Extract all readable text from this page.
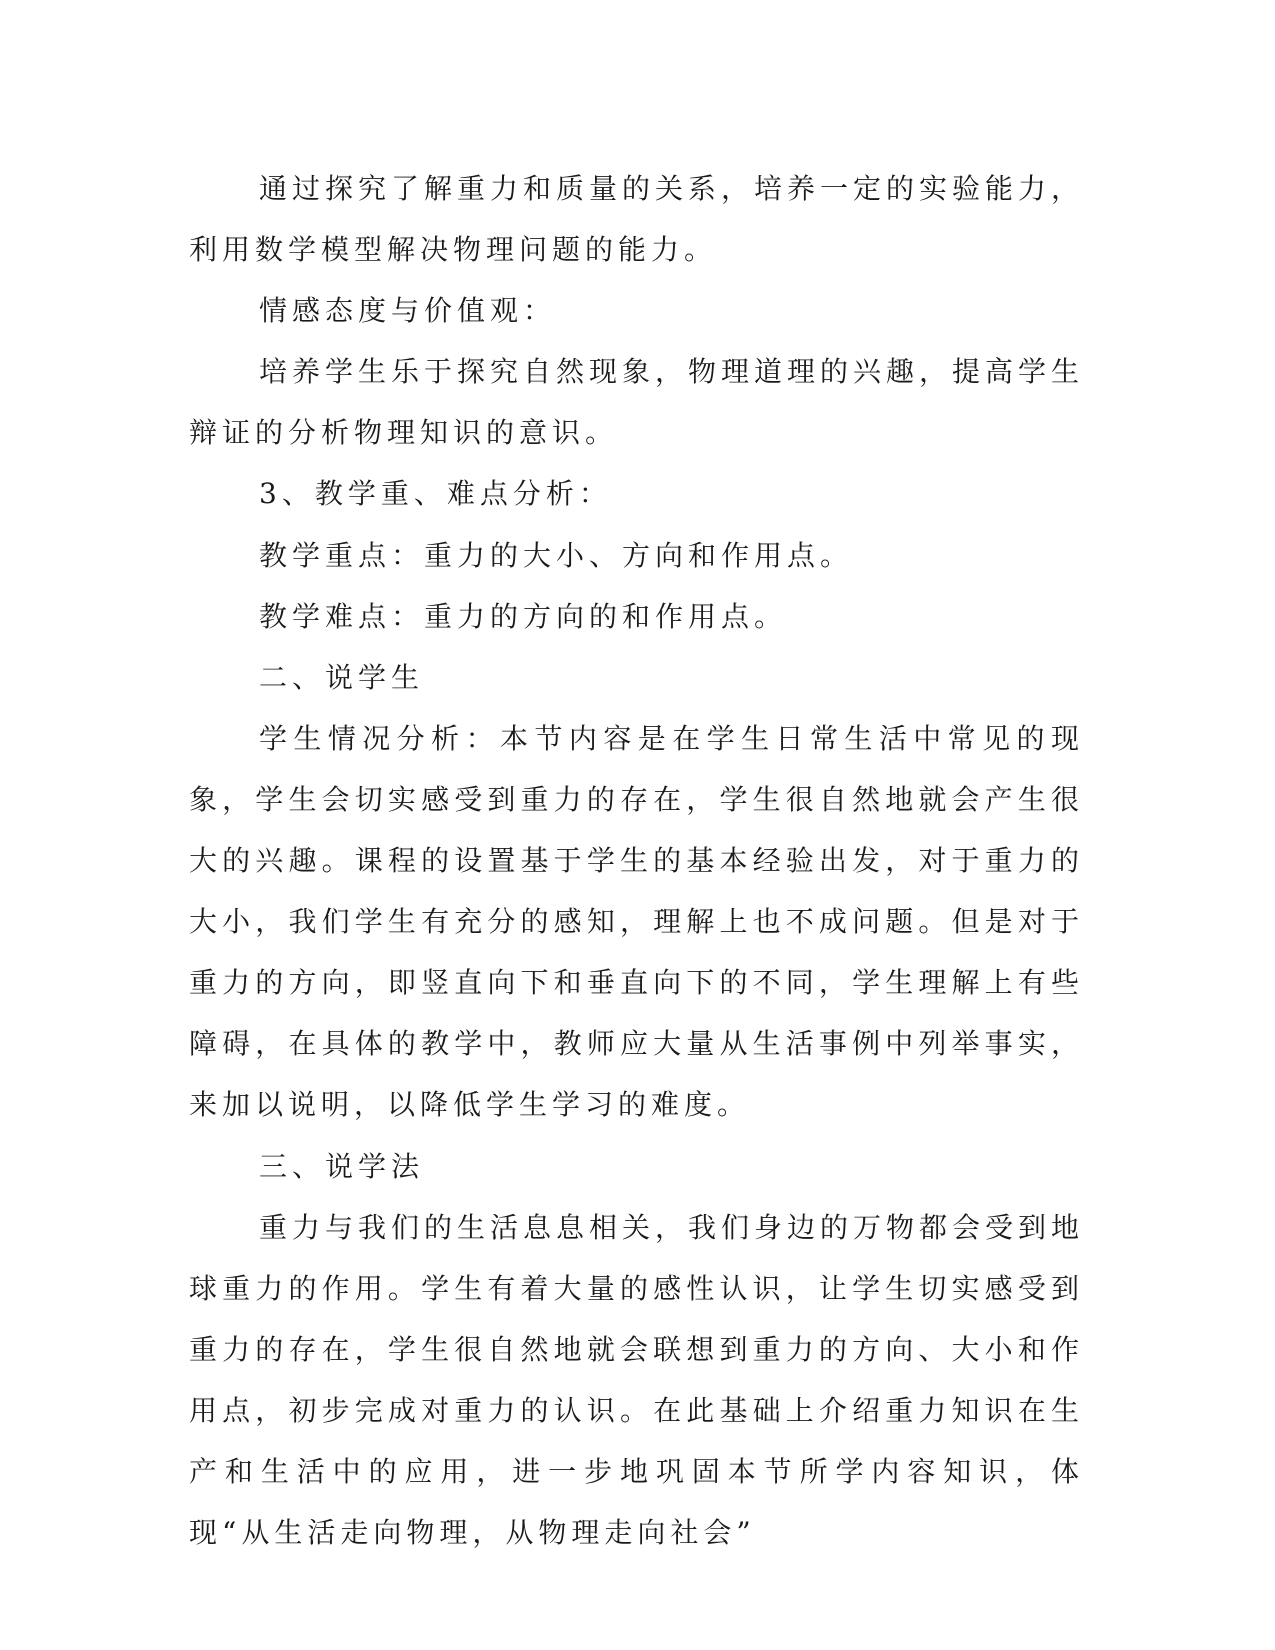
通过探究了解重力和质量的关系，培养一定的实验能力，利用数学模型解决物理问题的能力。

情感态度与价值观：

培养学生乐于探究自然现象，物理道理的兴趣，提高学生辩证的分析物理知识的意识。

3、教学重、难点分析：

教学重点：重力的大小、方向和作用点。

教学难点：重力的方向的和作用点。

二、说学生

学生情况分析：本节内容是在学生日常生活中常见的现象，学生会切实感受到重力的存在，学生很自然地就会产生很大的兴趣。课程的设置基于学生的基本经验出发，对于重力的大小，我们学生有充分的感知，理解上也不成问题。但是对于重力的方向，即竖直向下和垂直向下的不同，学生理解上有些障碍，在具体的教学中，教师应大量从生活事例中列举事实，来加以说明，以降低学生学习的难度。

三、说学法

重力与我们的生活息息相关，我们身边的万物都会受到地球重力的作用。学生有着大量的感性认识，让学生切实感受到重力的存在，学生很自然地就会联想到重力的方向、大小和作用点，初步完成对重力的认识。在此基础上介绍重力知识在生产和生活中的应用，进一步地巩固本节所学内容知识，体现“从生活走向物理，从物理走向社会”
